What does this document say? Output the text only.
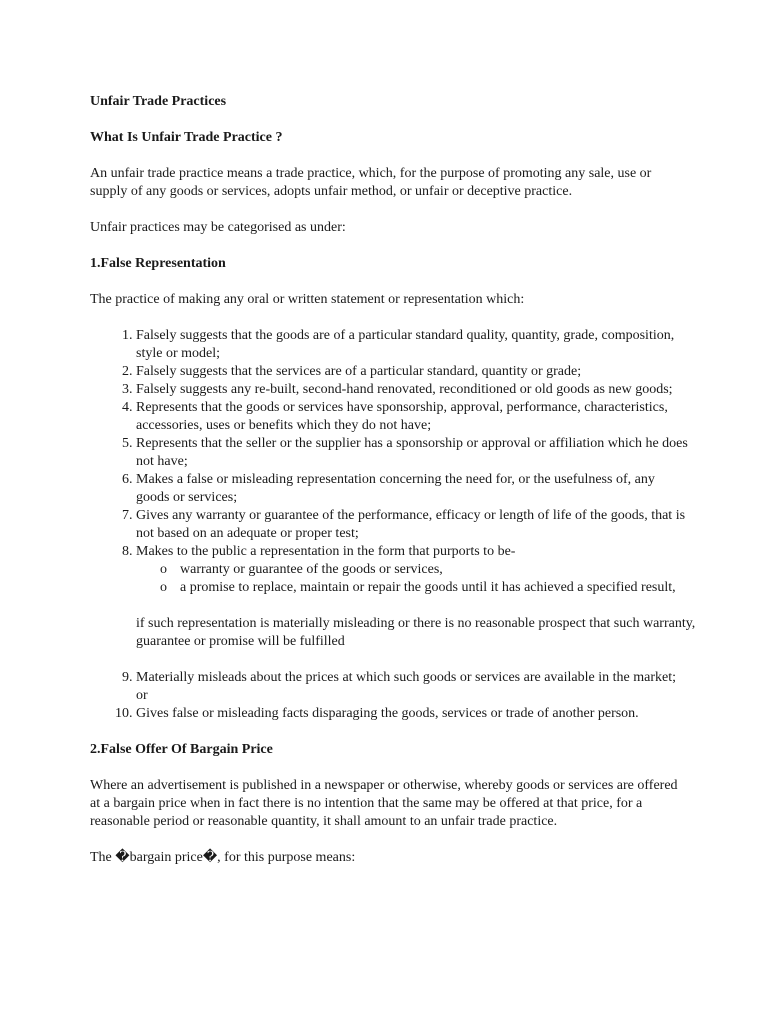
Unfair Trade Practices

What Is Unfair Trade Practice ?

An unfair trade practice means a trade practice, which, for the purpose of promoting any sale, use or supply of any goods or services, adopts unfair method, or unfair or deceptive practice.

Unfair practices may be categorised as under:

1.False Representation

The practice of making any oral or written statement or representation which:

1. Falsely suggests that the goods are of a particular standard quality, quantity, grade, composition, style or model;
2. Falsely suggests that the services are of a particular standard, quantity or grade;
3. Falsely suggests any re-built, second-hand renovated, reconditioned or old goods as new goods;
4. Represents that the goods or services have sponsorship, approval, performance, characteristics, accessories, uses or benefits which they do not have;
5. Represents that the seller or the supplier has a sponsorship or approval or affiliation which he does not have;
6. Makes a false or misleading representation concerning the need for, or the usefulness of, any goods or services;
7. Gives any warranty or guarantee of the performance, efficacy or length of life of the goods, that is not based on an adequate or proper test;
8. Makes to the public a representation in the form that purports to be-
o warranty or guarantee of the goods or services,
o a promise to replace, maintain or repair the goods until it has achieved a specified result,
if such representation is materially misleading or there is no reasonable prospect that such warranty, guarantee or promise will be fulfilled
9. Materially misleads about the prices at which such goods or services are available in the market; or
10. Gives false or misleading facts disparaging the goods, services or trade of another person.

2.False Offer Of Bargain Price

Where an advertisement is published in a newspaper or otherwise, whereby goods or services are offered at a bargain price when in fact there is no intention that the same may be offered at that price, for a reasonable period or reasonable quantity, it shall amount to an unfair trade practice.

The �bargain price�, for this purpose means:
